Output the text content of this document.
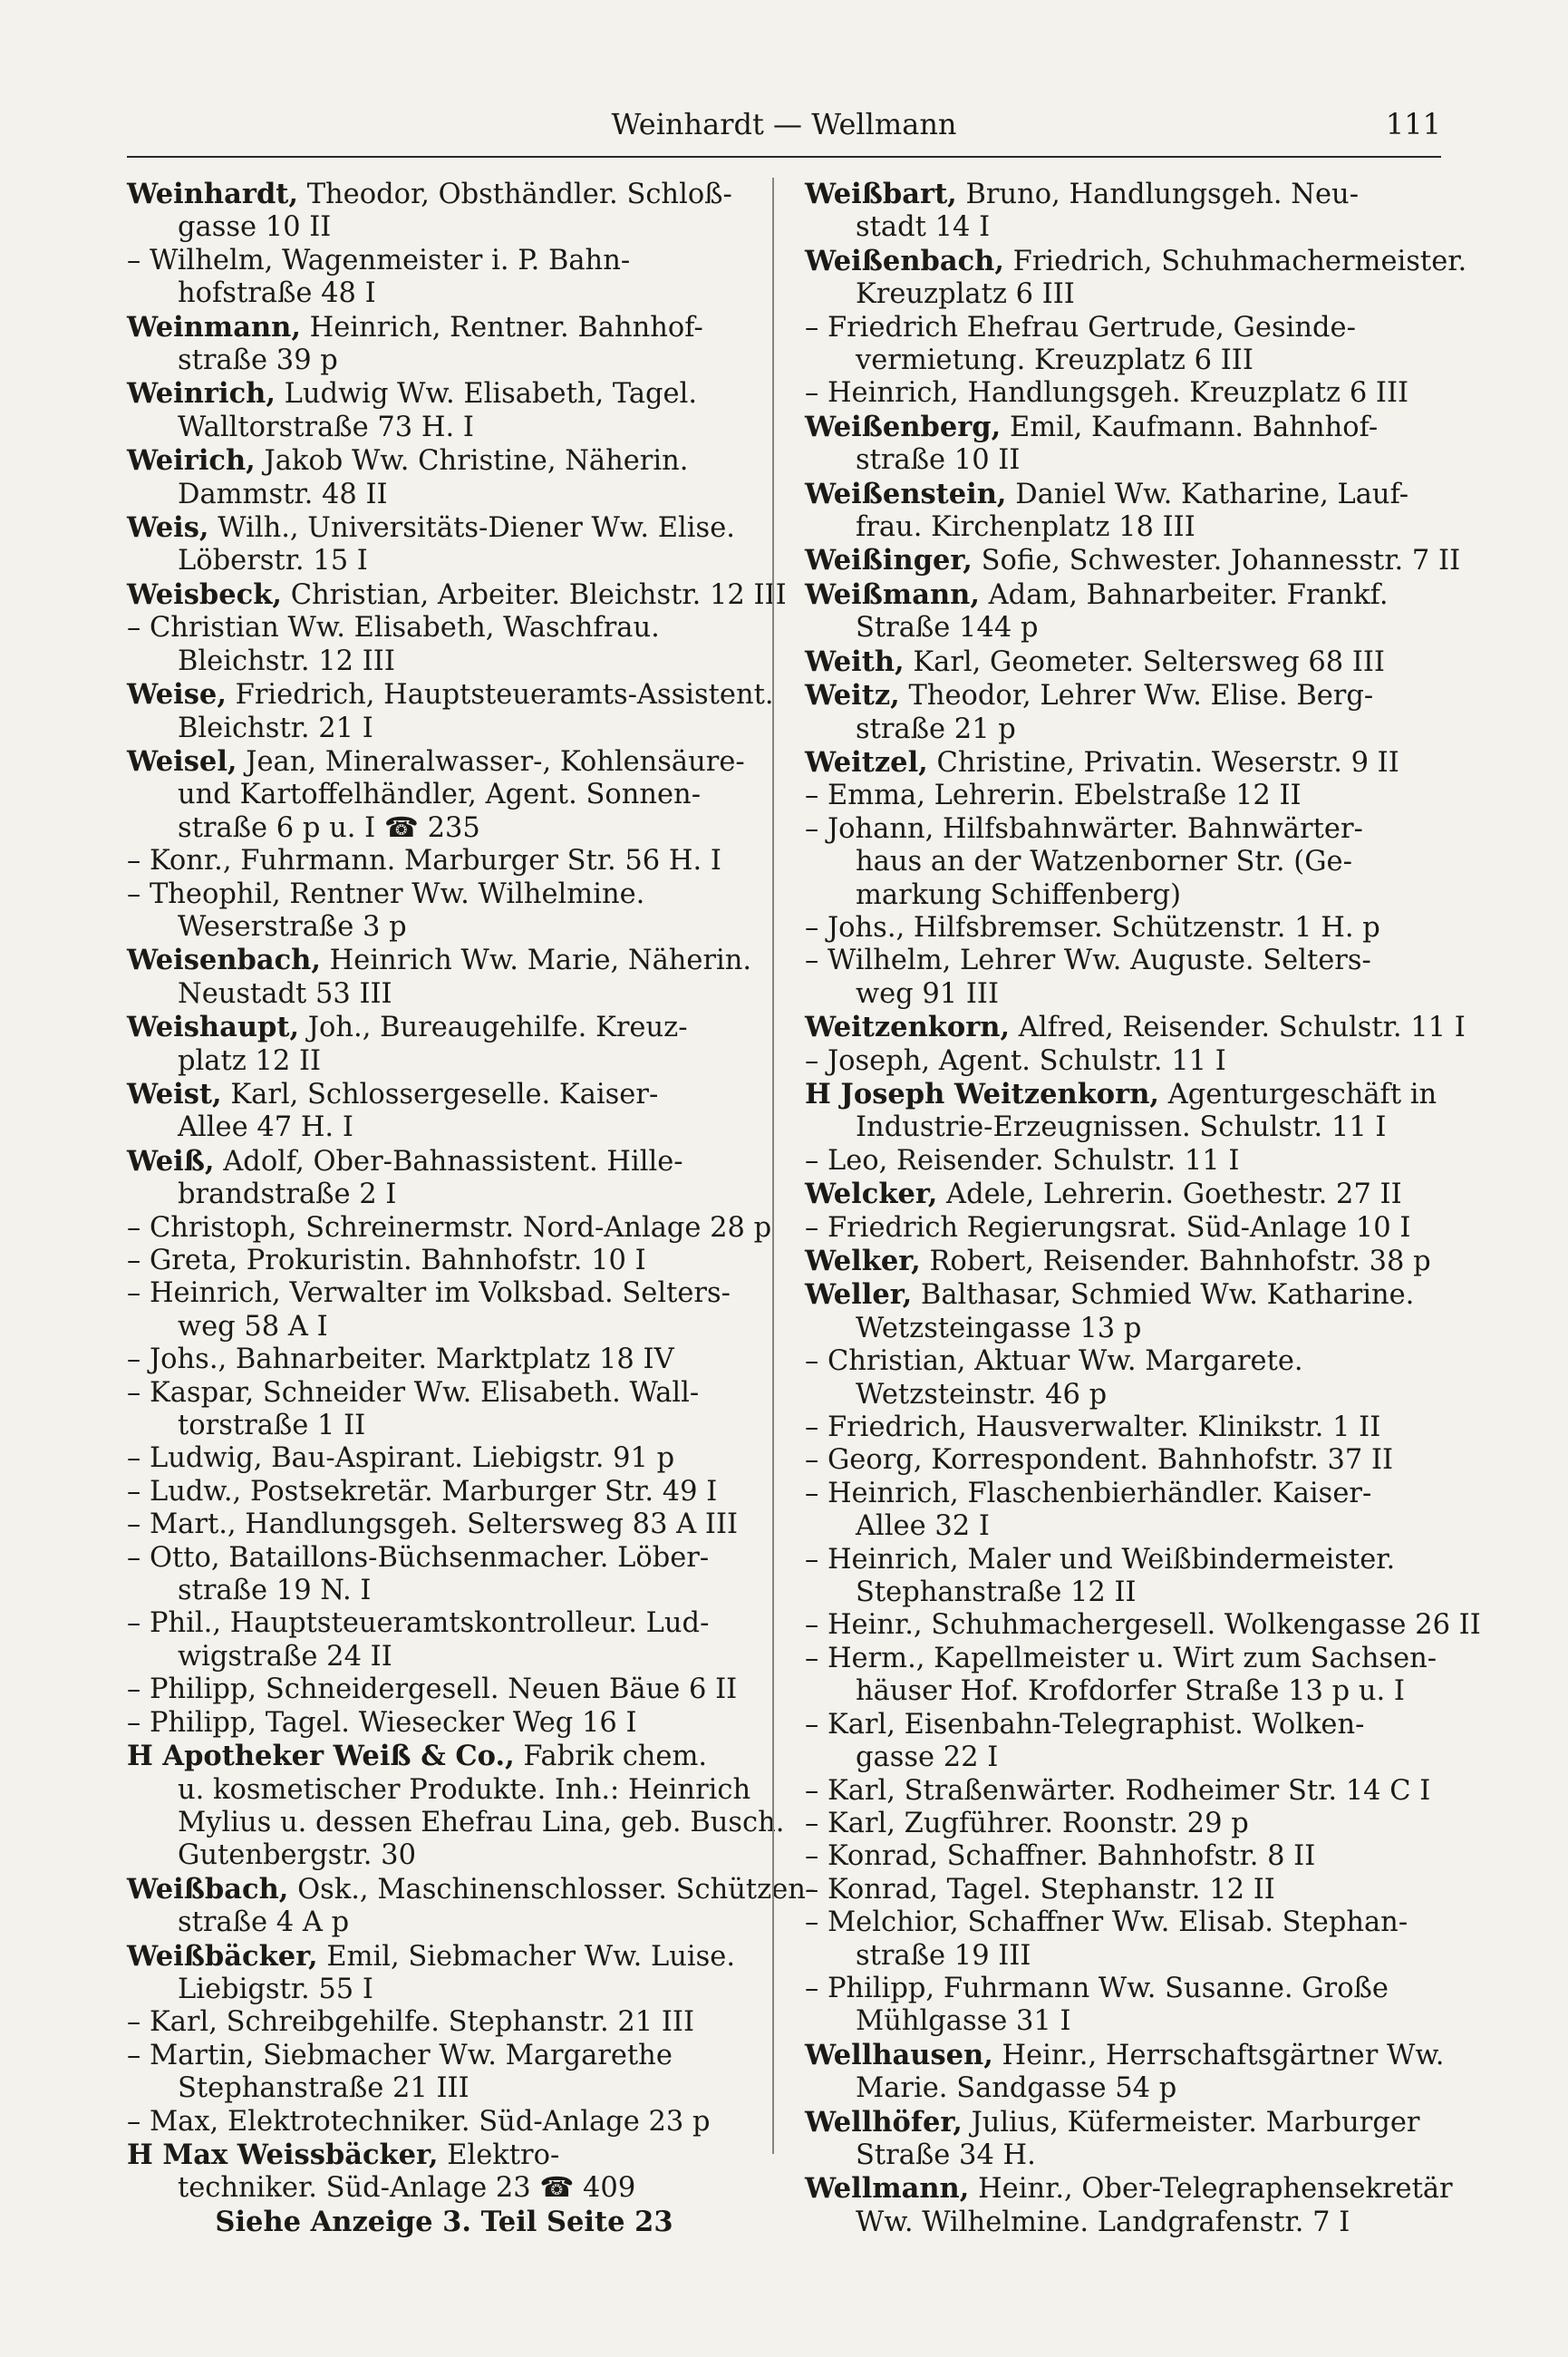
Weinhardt — Wellmann	111
Weinhardt, Theodor, Obsthändler. Schloß-
gasse 10 II
– Wilhelm, Wagenmeister i. P. Bahn-
hofstraße 48 I
Weinmann, Heinrich, Rentner. Bahnhof-
straße 39 p
Weinrich, Ludwig Ww. Elisabeth, Tagel.
Walltorstraße 73 H. I
Weirich, Jakob Ww. Christine, Näherin.
Dammstr. 48 II
Weis, Wilh., Universitäts-Diener Ww. Elise.
Löberstr. 15 I
Weisbeck, Christian, Arbeiter. Bleichstr. 12 III
– Christian Ww. Elisabeth, Waschfrau.
Bleichstr. 12 III
Weise, Friedrich, Hauptsteueramts-Assistent.
Bleichstr. 21 I
Weisel, Jean, Mineralwasser-, Kohlensäure-
und Kartoffelhändler, Agent. Sonnen-
straße 6 p u. I ☎ 235
– Konr., Fuhrmann. Marburger Str. 56 H. I
– Theophil, Rentner Ww. Wilhelmine.
Weserstraße 3 p
Weisenbach, Heinrich Ww. Marie, Näherin.
Neustadt 53 III
Weishaupt, Joh., Bureaugehilfe. Kreuz-
platz 12 II
Weist, Karl, Schlossergeselle. Kaiser-
Allee 47 H. I
Weiß, Adolf, Ober-Bahnassistent. Hille-
brandstraße 2 I
– Christoph, Schreinermstr. Nord-Anlage 28 p
– Greta, Prokuristin. Bahnhofstr. 10 I
– Heinrich, Verwalter im Volksbad. Selters-
weg 58 A I
– Johs., Bahnarbeiter. Marktplatz 18 IV
– Kaspar, Schneider Ww. Elisabeth. Wall-
torstraße 1 II
– Ludwig, Bau-Aspirant. Liebigstr. 91 p
– Ludw., Postsekretär. Marburger Str. 49 I
– Mart., Handlungsgeh. Seltersweg 83 A III
– Otto, Bataillons-Büchsenmacher. Löber-
straße 19 N. I
– Phil., Hauptsteueramtskontrolleur. Lud-
wigstraße 24 II
– Philipp, Schneidergesell. Neuen Bäue 6 II
– Philipp, Tagel. Wiesecker Weg 16 I
H Apotheker Weiß & Co., Fabrik chem.
u. kosmetischer Produkte. Inh.: Heinrich
Mylius u. dessen Ehefrau Lina, geb. Busch.
Gutenbergstr. 30
Weißbach, Osk., Maschinenschlosser. Schützen-
straße 4 A p
Weißbäcker, Emil, Siebmacher Ww. Luise.
Liebigstr. 55 I
– Karl, Schreibgehilfe. Stephanstr. 21 III
– Martin, Siebmacher Ww. Margarethe
Stephanstraße 21 III
– Max, Elektrotechniker. Süd-Anlage 23 p
H Max Weissbäcker, Elektro-
techniker. Süd-Anlage 23 ☎ 409
Siehe Anzeige 3. Teil Seite 23
Weißbart, Bruno, Handlungsgeh. Neu-
stadt 14 I
Weißenbach, Friedrich, Schuhmachermeister.
Kreuzplatz 6 III
– Friedrich Ehefrau Gertrude, Gesinde-
vermietung. Kreuzplatz 6 III
– Heinrich, Handlungsgeh. Kreuzplatz 6 III
Weißenberg, Emil, Kaufmann. Bahnhof-
straße 10 II
Weißenstein, Daniel Ww. Katharine, Lauf-
frau. Kirchenplatz 18 III
Weißinger, Sofie, Schwester. Johannesstr. 7 II
Weißmann, Adam, Bahnarbeiter. Frankf.
Straße 144 p
Weith, Karl, Geometer. Seltersweg 68 III
Weitz, Theodor, Lehrer Ww. Elise. Berg-
straße 21 p
Weitzel, Christine, Privatin. Weserstr. 9 II
– Emma, Lehrerin. Ebelstraße 12 II
– Johann, Hilfsbahnwärter. Bahnwärter-
haus an der Watzenborner Str. (Ge-
markung Schiffenberg)
– Johs., Hilfsbremser. Schützenstr. 1 H. p
– Wilhelm, Lehrer Ww. Auguste. Selters-
weg 91 III
Weitzenkorn, Alfred, Reisender. Schulstr. 11 I
– Joseph, Agent. Schulstr. 11 I
H Joseph Weitzenkorn, Agenturgeschäft in
Industrie-Erzeugnissen. Schulstr. 11 I
– Leo, Reisender. Schulstr. 11 I
Welcker, Adele, Lehrerin. Goethestr. 27 II
– Friedrich Regierungsrat. Süd-Anlage 10 I
Welker, Robert, Reisender. Bahnhofstr. 38 p
Weller, Balthasar, Schmied Ww. Katharine.
Wetzsteingasse 13 p
– Christian, Aktuar Ww. Margarete.
Wetzsteinstr. 46 p
– Friedrich, Hausverwalter. Klinikstr. 1 II
– Georg, Korrespondent. Bahnhofstr. 37 II
– Heinrich, Flaschenbierhändler. Kaiser-
Allee 32 I
– Heinrich, Maler und Weißbindermeister.
Stephanstraße 12 II
– Heinr., Schuhmachergesell. Wolkengasse 26 II
– Herm., Kapellmeister u. Wirt zum Sachsen-
häuser Hof. Krofdorfer Straße 13 p u. I
– Karl, Eisenbahn-Telegraphist. Wolken-
gasse 22 I
– Karl, Straßenwärter. Rodheimer Str. 14 C I
– Karl, Zugführer. Roonstr. 29 p
– Konrad, Schaffner. Bahnhofstr. 8 II
– Konrad, Tagel. Stephanstr. 12 II
– Melchior, Schaffner Ww. Elisab. Stephan-
straße 19 III
– Philipp, Fuhrmann Ww. Susanne. Große
Mühlgasse 31 I
Wellhausen, Heinr., Herrschaftsgärtner Ww.
Marie. Sandgasse 54 p
Wellhöfer, Julius, Küfermeister. Marburger
Straße 34 H.
Wellmann, Heinr., Ober-Telegraphensekretär
Ww. Wilhelmine. Landgrafenstr. 7 I
